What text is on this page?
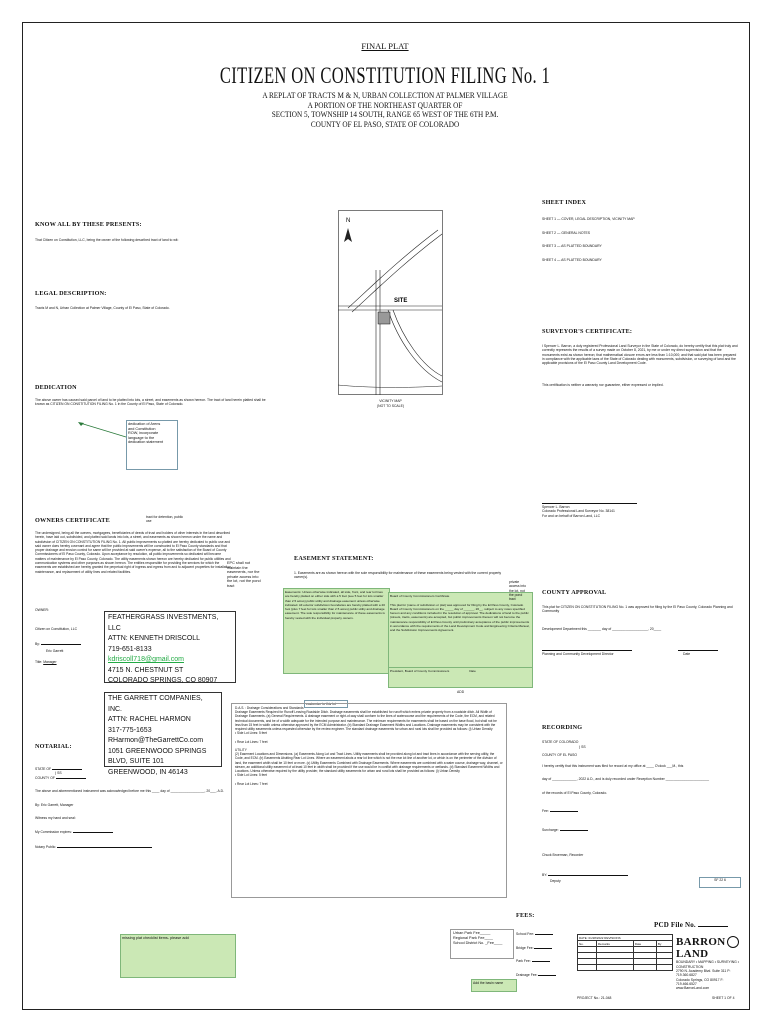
FINAL PLAT
CITIZEN ON CONSTITUTION FILING No. 1
A REPLAT OF TRACTS M & N, URBAN COLLECTION AT PALMER VILLAGE
A PORTION OF THE NORTHEAST QUARTER OF
SECTION 5, TOWNSHIP 14 SOUTH, RANGE 65 WEST OF THE 6TH P.M.
COUNTY OF EL PASO, STATE OF COLORADO
KNOW ALL BY THESE PRESENTS:
That Citizen on Constitution, LLC, being the owner of the following described tract of land to wit:
LEGAL DESCRIPTION:
Tracts M and N, Urban Collection at Palmer Village, County of El Paso, State of Colorado.
DEDICATION
The above owner has caused said parcel of land to be platted into lots, a street, and easements as shown hereon. The tract of land herein platted shall be known as CITIZEN ON CONSTITUTION FILING No. 1 in the County of El Paso, State of Colorado.
dedication of Arens
and Constitution
ROW, incorporate
language to the
dedication statement
N
SITE
VICINITY MAP
(NOT TO SCALE)
SHEET INDEX
SHEET 1 — COVER, LEGAL DESCRIPTION, VICINITY MAP
SHEET 2 — GENERAL NOTES
SHEET 3 — AS PLATTED BOUNDARY
SHEET 4 — AS PLATTED BOUNDARY
SURVEYOR'S CERTIFICATE:
I Spencer L. Barron, a duly registered Professional Land Surveyor in the State of Colorado, do hereby certify that this plat truly and correctly represents the results of a survey made on October 8, 2021, by me or under my direct supervision and that the monuments exist as shown hereon; that mathematical closure errors are less than 1:10,000; and that said plat has been prepared in compliance with the applicable laws of the State of Colorado dealing with monuments, subdivision, or surveying of land and the applicable provisions of the El Paso County Land Development Code.
This certification is neither a warranty nor guarantee, either expressed or implied.
Spencer L. Barron
Colorado Professional Land Surveyor No. 38141
For and on behalf of Barron Land, LLC
OWNERS CERTIFICATE	tract for detention, public use
The undersigned, being all the owners, mortgagees, beneficiaries of deeds of trust and holders of other interests in the land described herein, have laid out, subdivided, and platted said lands into lots, a street, and easements as shown hereon under the name and subdivision of CITIZEN ON CONSTITUTION FILING No. 1. All public improvements so platted are hereby dedicated to public use and said owner does hereby covenant and agree that the public improvements will be constructed to El Paso County standards and that proper drainage and erosion control for same will be provided at said owner's expense, all to the satisfaction of the Board of County Commissioners of El Paso County, Colorado. Upon acceptance by resolution, all public improvements so dedicated will become matters of maintenance by El Paso County, Colorado. The utility easements shown hereon are hereby dedicated for public utilities and communication systems and other purposes as shown hereon. The entities responsible for providing the services for which the easements are established are hereby granted the perpetual right of ingress and egress from and to adjacent properties for installation, maintenance, and replacement of utility lines and related facilities.
EPC shall not maintain the easements, nor the private access into the lot, not the pond tract
OWNER:
Citizen on Constitution, LLC
By:
Eric Garrett
Title: Manager
FEATHERGRASS INVESTMENTS, LLC
ATTN: KENNETH DRISCOLL
719-651-8133
kdriscoll718@gmail.com
4715 N. CHESTNUT ST
COLORADO SPRINGS, CO 80907
THE GARRETT COMPANIES, INC.
ATTN: RACHEL HARMON
317-775-1653
RHarmon@TheGarrettCo.com
1051 GREENWOOD SPRINGS BLVD, SUITE 101
GREENWOOD, IN 46143
NOTARIAL:
STATE OF
) SS
COUNTY OF
The above and aforementioned instrument was acknowledged before me this ____ day of __________________, 20___, A.D.
By: Eric Garrett, Manager
Witness my hand and seal:
My Commission expires:
Notary Public:
EASEMENT STATEMENT:
1. Easements are as shown hereon with the sole responsibility for maintenance of these easements being vested with the current property owner(s).
Easements: Unless otherwise indicated, all side, front, and rear lot lines are hereby platted on either side with a 5 foot (see 5 feet for lots smaller than 2.5 acres) public utility and drainage easement unless otherwise indicated. All exterior subdivision boundaries are hereby platted with a 20 foot (plus 7 feet for lots smaller than 2.5 acres) public utility and drainage easement. The sole responsibility for maintenance of these easements is hereby vested with the individual property owners.
Board of County Commissioners Certificate

This plat for (name of subdivision or plat) was approved for filing by the El Paso County, Colorado Board of County Commissioners on the _____ day of ______, 20__, subject to any notes specified hereon and any conditions included in the resolution of approval. The dedications of land to the public (streets, tracts, easements) are accepted, but public improvements thereon will not become the maintenance responsibility of El Paso County until preliminary acceptance of the public improvements in accordance with the requirements of the Land Development Code and Engineering Criteria Manual, and the Subdivision Improvements Agreement.
President, Board of County Commissioners	Date
private access into the lot, not the pond tract
customize to this lot
ADD
D.A.S. : Drainage Considerations and Standards
Drainage Easements Required for Runoff Leaving Roadside Ditch. Drainage easements shall be established for runoff which enters private property from a roadside ditch. All Width of Drainage Easements. (a) General Requirements. A drainage easement or right-of-way shall conform to the lines of watercourse and the requirements of the Code, the ECM, and related technical documents, and be of a width adequate for the intended purpose and maintenance. The minimum requirements for easements shall be based on the base flood, but shall not be less than 15 feet in width unless otherwise approved by the ECM Administrator. (b) Standard Drainage Easement Widths and Locations. Drainage easements may be consistent with the required utility easements unless requested otherwise by the review engineer. The standard drainage easements for urban and rural lots shall be provided as follows: (i) Urban Density
• Side Lot Lines: 5 feet

• Rear Lot Lines: 7 feet

UTILITY
(2) Easement Locations and Dimensions. (a) Easements Along Lot and Tract Lines. Utility easements shall be provided along lot and tract lines in accordance with the serving utility, the Code, and ECM. (b) Easements Abutting Rear Lot Lines. Where an easement abuts a rear lot line which is not the rear lot line of another lot, or which is on the perimeter of the division of land, the easement width shall be 10 feet or more. (c) Utility Easements Combined with Drainage Easements. Where easements are combined with a water course, drainage way, channel, or stream, an additional utility easement of at least 10 feet in width shall be provided if the use would be in conflict with drainage requirements or wetlands. (d) Standard Easement Widths and Locations. Unless otherwise required by the utility provider, the standard utility easements for urban and rural lots shall be provided as follows: (i) Urban Density
• Side Lot Lines: 5 feet

• Rear Lot Lines: 7 feet
COUNTY APPROVAL
This plat for CITIZEN ON CONSTITUTION FILING No. 1 was approved for filing by the El Paso County, Colorado Planning and Community
Development Department this _______ day of ___________________, 20____
Planning and Community Development Director	Date
RECORDING
STATE OF COLORADO
) SS
COUNTY OF EL PASO
I hereby certify that this instrument was filed for record at my office at ____ O'clock ___M., this
day of _____________, 2022 A.D., and is duly recorded under Reception Number _______________________
of the records of El Paso County, Colorado.
Fee:
Surcharge:
Chuck Broerman, Recorder
BY:
Deputy	SF 22 6
FEES:
School Fee:
Bridge Fee:
Park Fee:
Drainage Fee:
Urban Park Fee_____
Regional Park Fee____
School District No. _Fee____
Add the basin name
missing plat checklist items- please add
PCD File No.
DATE: 01/28/2022 REVISIONS			
No.	Remarks	Date	By

			BARRONLAND
BOUNDARY • MAPPING • SURVEYING • CONSTRUCTION
2790 N. Academy Blvd. Suite 311 P: 719.360.6827
Colorado Springs, CO 80917 F: 719.466.6527
www.BarronLand.com
PROJECT No.: 21-048	SHEET 1 OF 4
